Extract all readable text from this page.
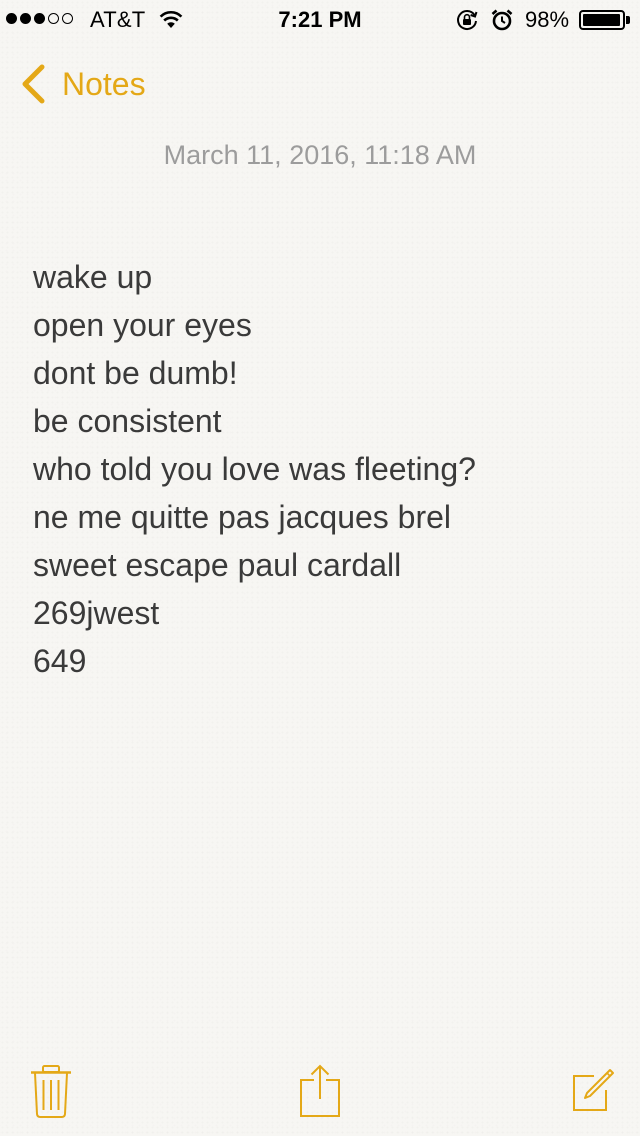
AT&T	7:21 PM	98%
Notes
March 11, 2016, 11:18 AM
wake up
open your eyes
dont be dumb!
be consistent
who told you love was fleeting?
ne me quitte pas jacques brel
sweet escape paul cardall
269jwest
649
